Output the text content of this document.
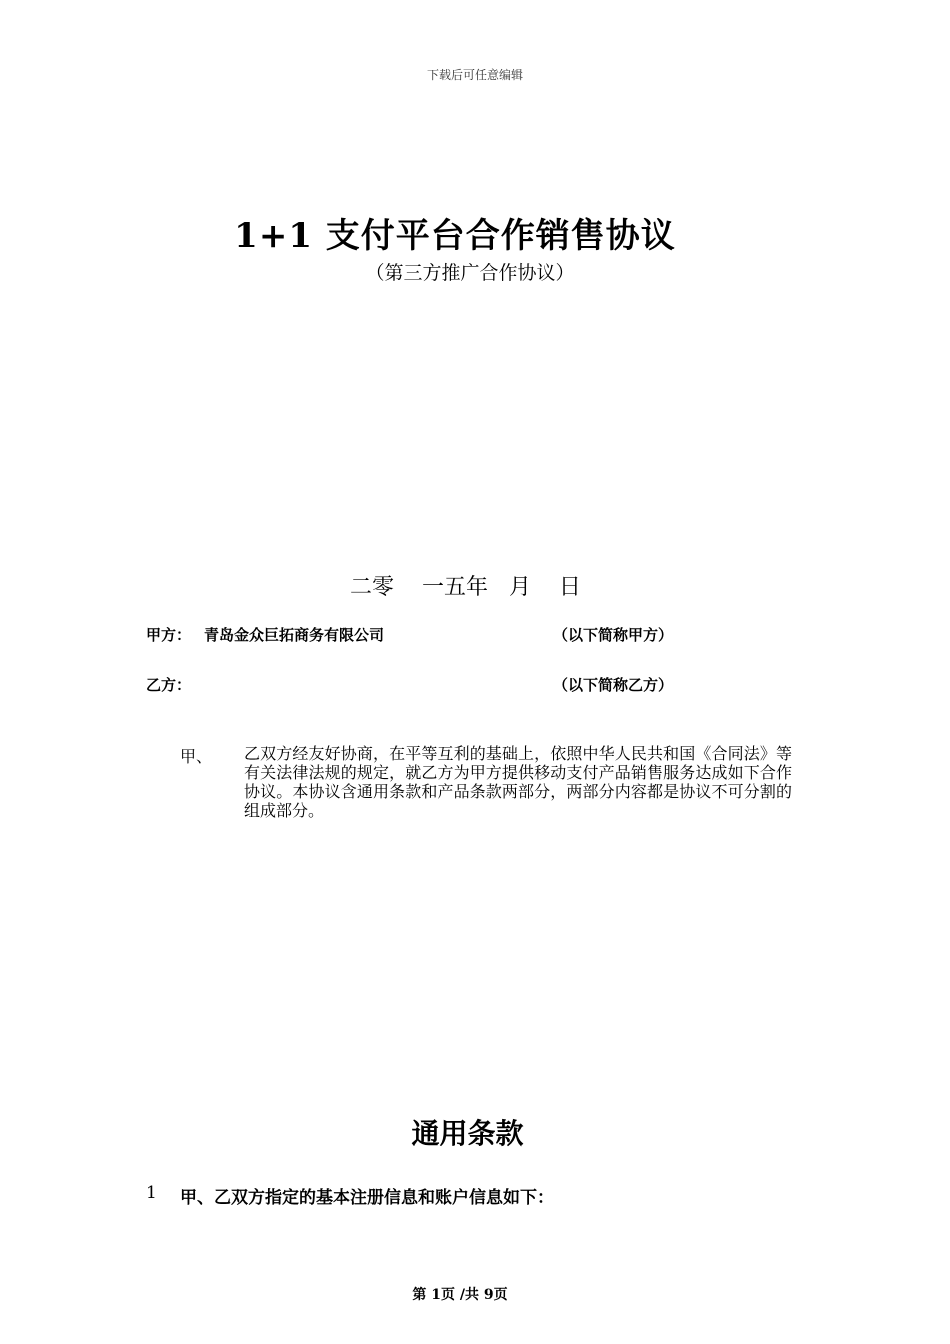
下载后可任意编辑
1+1 支付平台合作销售协议
（第三方推广合作协议）
二零    一五年   月    日
甲方： 青岛金众巨拓商务有限公司	（以下简称甲方）
乙方：	（以下简称乙方）
甲、 乙双方经友好协商，在平等互利的基础上，依照中华人民共和国《合同法》等有关法律法规的规定，就乙方为甲方提供移动支付产品销售服务达成如下合作协议。本协议含通用条款和产品条款两部分，两部分内容都是协议不可分割的组成部分。
通用条款
1 甲、乙双方指定的基本注册信息和账户信息如下：
第 1页 /共 9页
